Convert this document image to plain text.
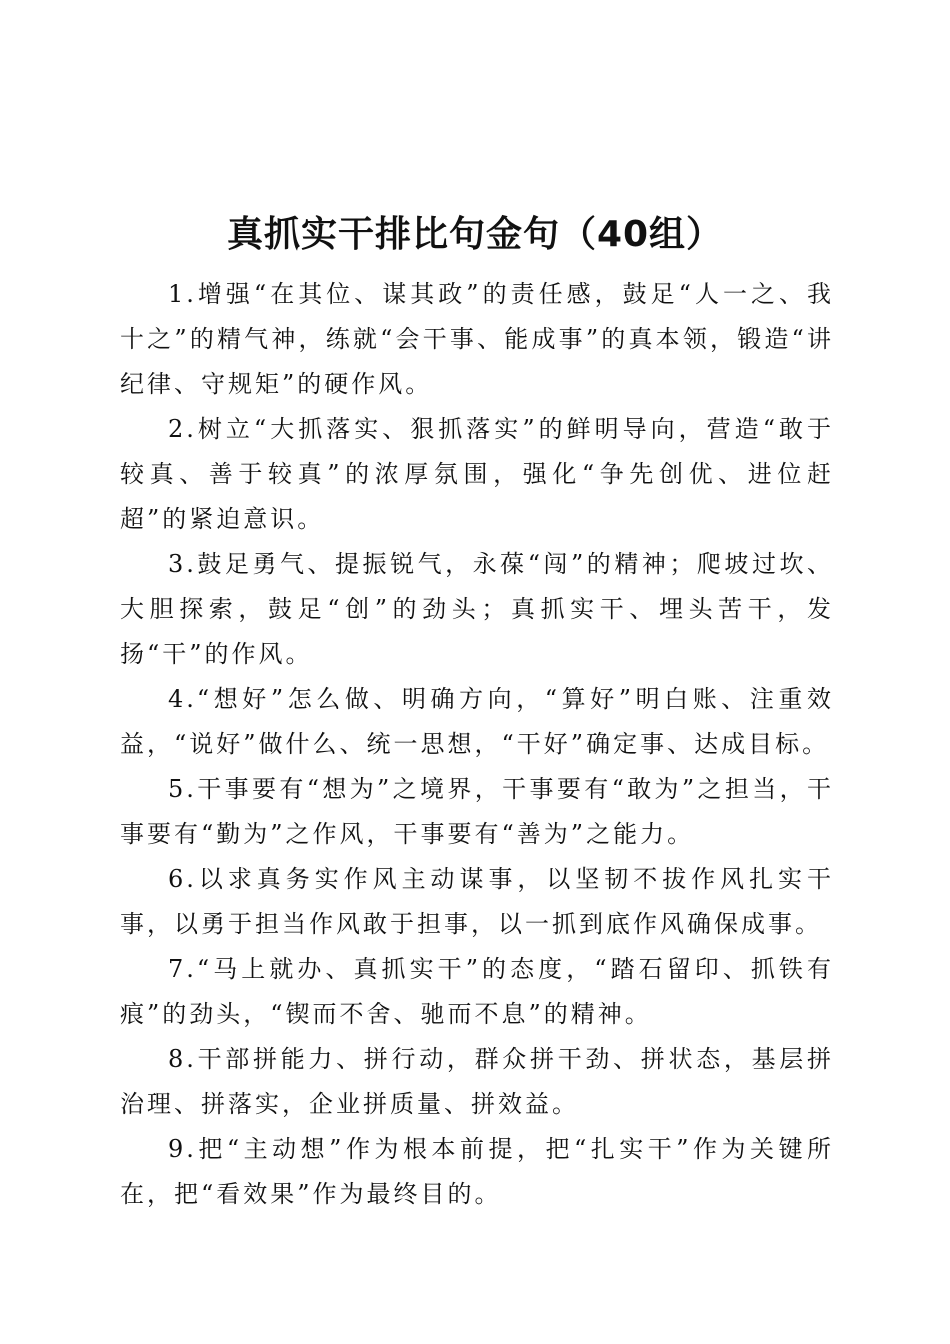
真抓实干排比句金句（40组）

1.增强“在其位、谋其政”的责任感，鼓足“人一之、我十之”的精气神，练就“会干事、能成事”的真本领，锻造“讲纪律、守规矩”的硬作风。

2.树立“大抓落实、狠抓落实”的鲜明导向，营造“敢于较真、善于较真”的浓厚氛围，强化“争先创优、进位赶超”的紧迫意识。

3.鼓足勇气、提振锐气，永葆“闯”的精神；爬坡过坎、大胆探索，鼓足“创”的劲头；真抓实干、埋头苦干，发扬“干”的作风。

4.“想好”怎么做、明确方向，“算好”明白账、注重效益，“说好”做什么、统一思想，“干好”确定事、达成目标。

5.干事要有“想为”之境界，干事要有“敢为”之担当，干事要有“勤为”之作风，干事要有“善为”之能力。

6.以求真务实作风主动谋事，以坚韧不拔作风扎实干事，以勇于担当作风敢于担事，以一抓到底作风确保成事。

7.“马上就办、真抓实干”的态度，“踏石留印、抓铁有痕”的劲头，“锲而不舍、驰而不息”的精神。

8.干部拼能力、拼行动，群众拼干劲、拼状态，基层拼治理、拼落实，企业拼质量、拼效益。

9.把“主动想”作为根本前提，把“扎实干”作为关键所在，把“看效果”作为最终目的。
